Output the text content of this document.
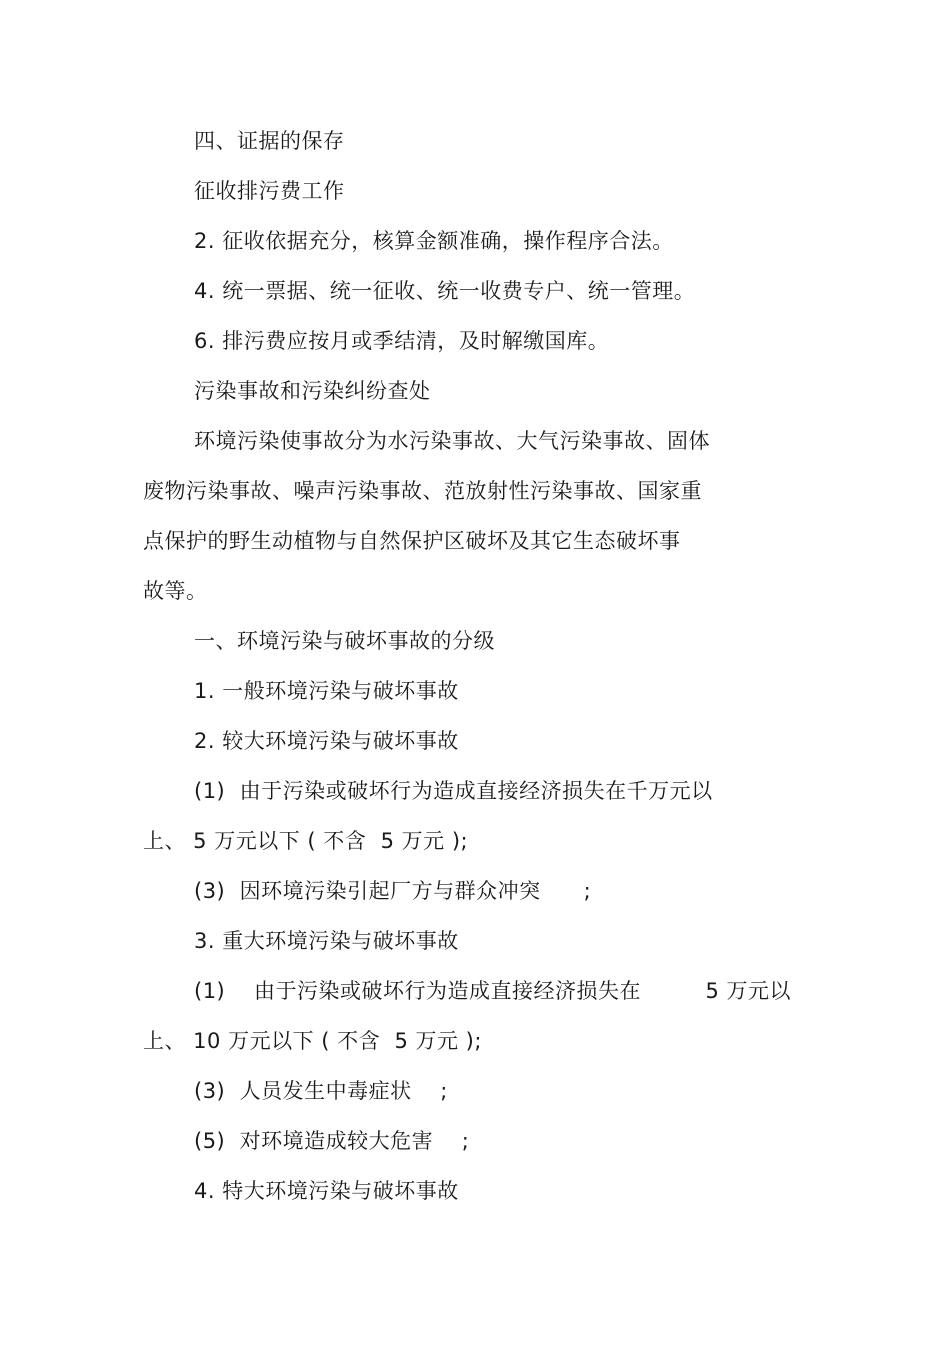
四、证据的保存
征收排污费工作
2. 征收依据充分，核算金额准确，操作程序合法。
4. 统一票据、统一征收、统一收费专户、统一管理。
6. 排污费应按月或季结清，及时解缴国库。
污染事故和污染纠纷查处
环境污染使事故分为水污染事故、大气污染事故、固体
废物污染事故、噪声污染事故、范放射性污染事故、国家重
点保护的野生动植物与自然保护区破坏及其它生态破坏事
故等。
一、环境污染与破坏事故的分级
1. 一般环境污染与破坏事故
2. 较大环境污染与破坏事故
(1)  由于污染或破坏行为造成直接经济损失在千万元以
上、 5 万元以下 ( 不含  5 万元 );
(3)  因环境污染引起厂方与群众冲突      ;
3. 重大环境污染与破坏事故
(1)    由于污染或破坏行为造成直接经济损失在         5 万元以
上、 10 万元以下 ( 不含  5 万元 );
(3)  人员发生中毒症状    ;
(5)  对环境造成较大危害    ;
4. 特大环境污染与破坏事故
